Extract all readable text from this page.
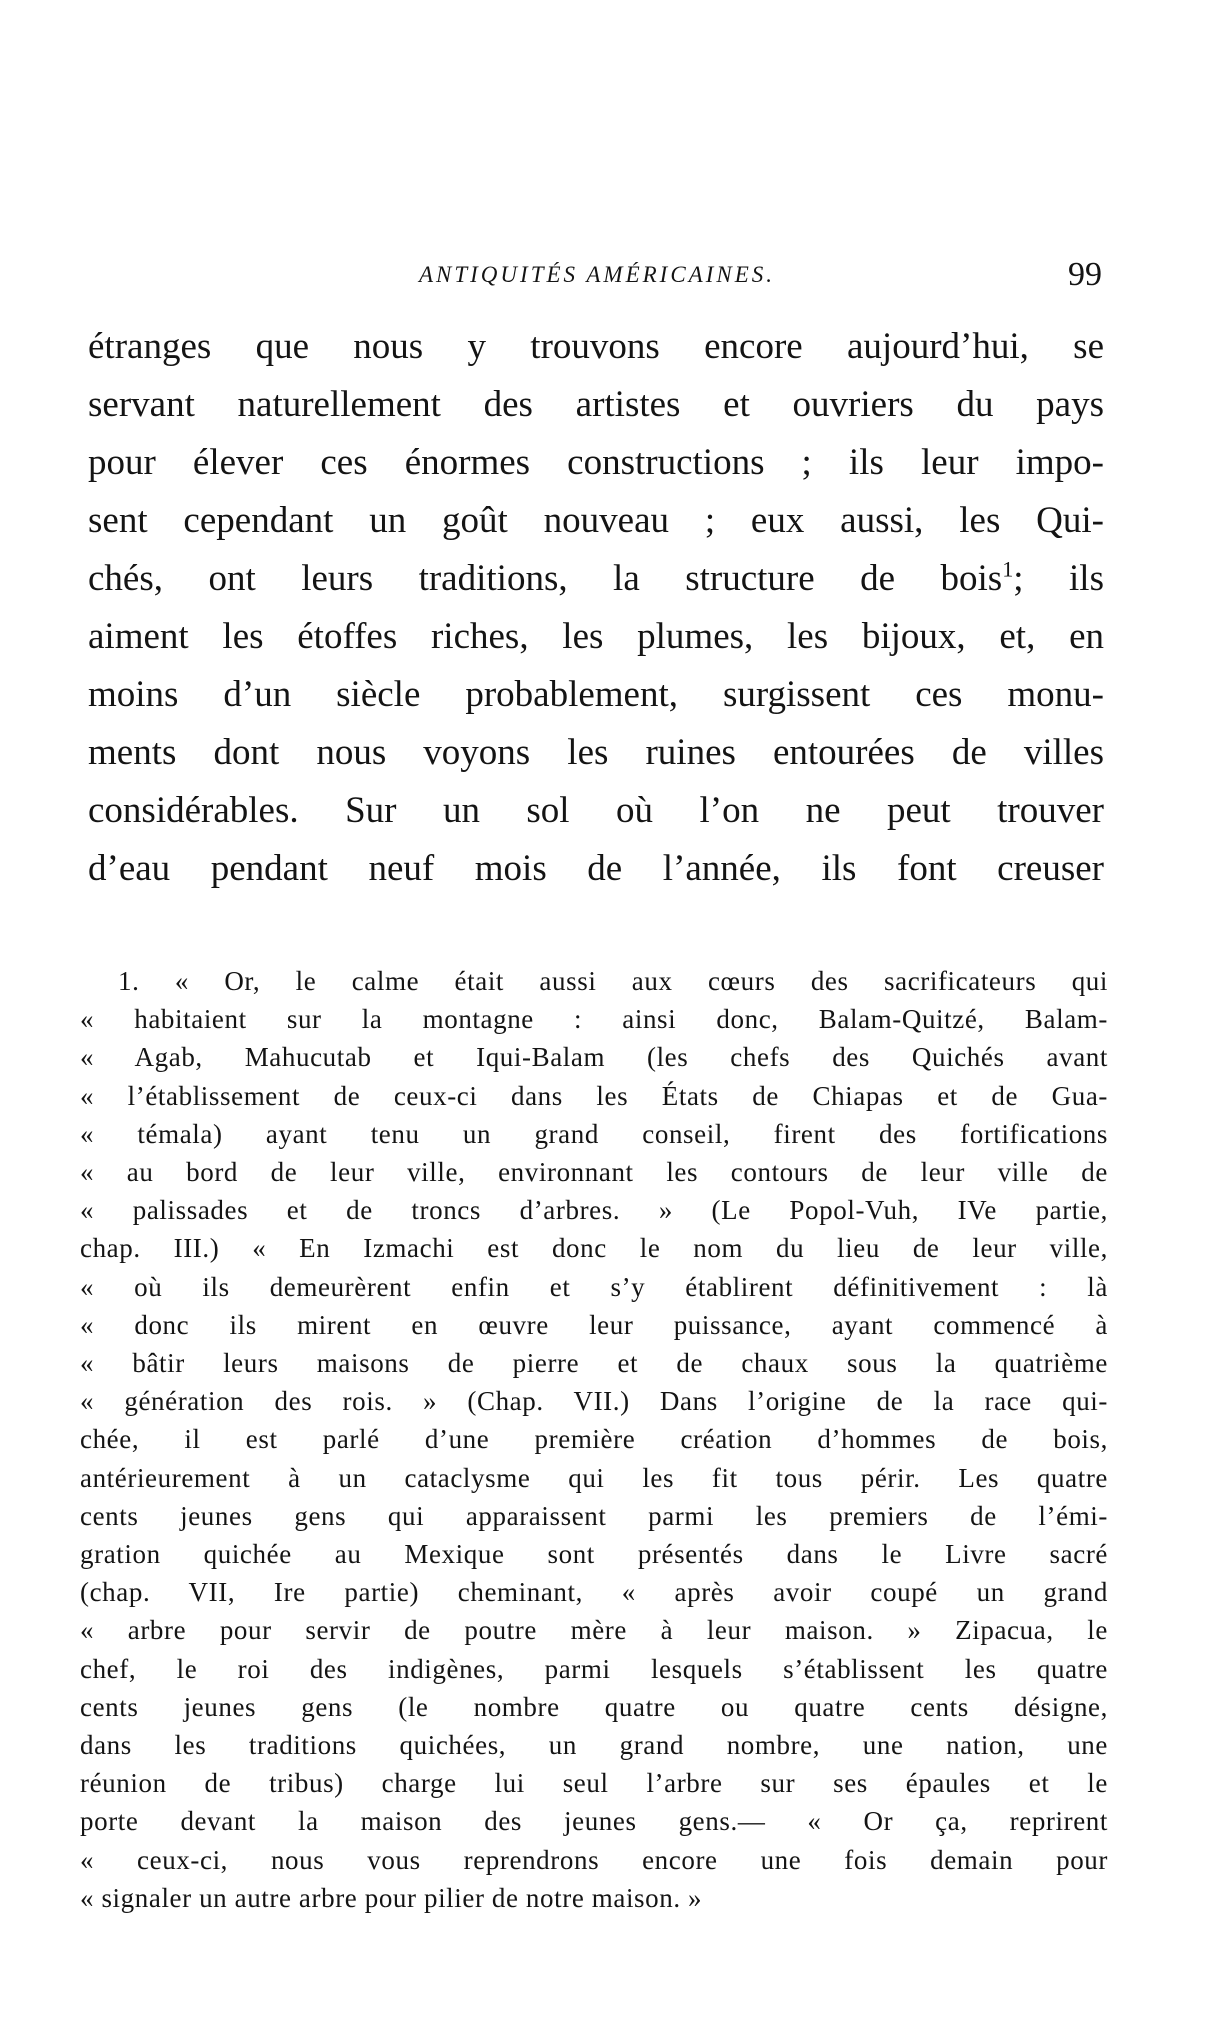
ANTIQUITÉS AMÉRICAINES.	99
étranges que nous y trouvons encore aujourd’hui, se
servant naturellement des artistes et ouvriers du pays
pour élever ces énormes constructions ; ils leur impo-
sent cependant un goût nouveau ; eux aussi, les Qui-
chés, ont leurs traditions, la structure de bois$^1$; ils
aiment les étoffes riches, les plumes, les bijoux, et, en
moins d’un siècle probablement, surgissent ces monu-
ments dont nous voyons les ruines entourées de villes
considérables. Sur un sol où l’on ne peut trouver
d’eau pendant neuf mois de l’année, ils font creuser
1. « Or, le calme était aussi aux cœurs des sacrificateurs qui
« habitaient sur la montagne : ainsi donc, Balam-Quitzé, Balam-
« Agab, Mahucutab et Iqui-Balam (les chefs des Quichés avant
« l’établissement de ceux-ci dans les États de Chiapas et de Gua-
« témala) ayant tenu un grand conseil, firent des fortifications
« au bord de leur ville, environnant les contours de leur ville de
« palissades et de troncs d’arbres. » (Le Popol-Vuh, IVe partie,
chap. III.) « En Izmachi est donc le nom du lieu de leur ville,
« où ils demeurèrent enfin et s’y établirent définitivement : là
« donc ils mirent en œuvre leur puissance, ayant commencé à
« bâtir leurs maisons de pierre et de chaux sous la quatrième
« génération des rois. » (Chap. VII.) Dans l’origine de la race qui-
chée, il est parlé d’une première création d’hommes de bois,
antérieurement à un cataclysme qui les fit tous périr. Les quatre
cents jeunes gens qui apparaissent parmi les premiers de l’émi-
gration quichée au Mexique sont présentés dans le Livre sacré
(chap. VII, Ire partie) cheminant, « après avoir coupé un grand
« arbre pour servir de poutre mère à leur maison. » Zipacua, le
chef, le roi des indigènes, parmi lesquels s’établissent les quatre
cents jeunes gens (le nombre quatre ou quatre cents désigne,
dans les traditions quichées, un grand nombre, une nation, une
réunion de tribus) charge lui seul l’arbre sur ses épaules et le
porte devant la maison des jeunes gens.— « Or ça, reprirent
« ceux-ci, nous vous reprendrons encore une fois demain pour
« signaler un autre arbre pour pilier de notre maison. »
